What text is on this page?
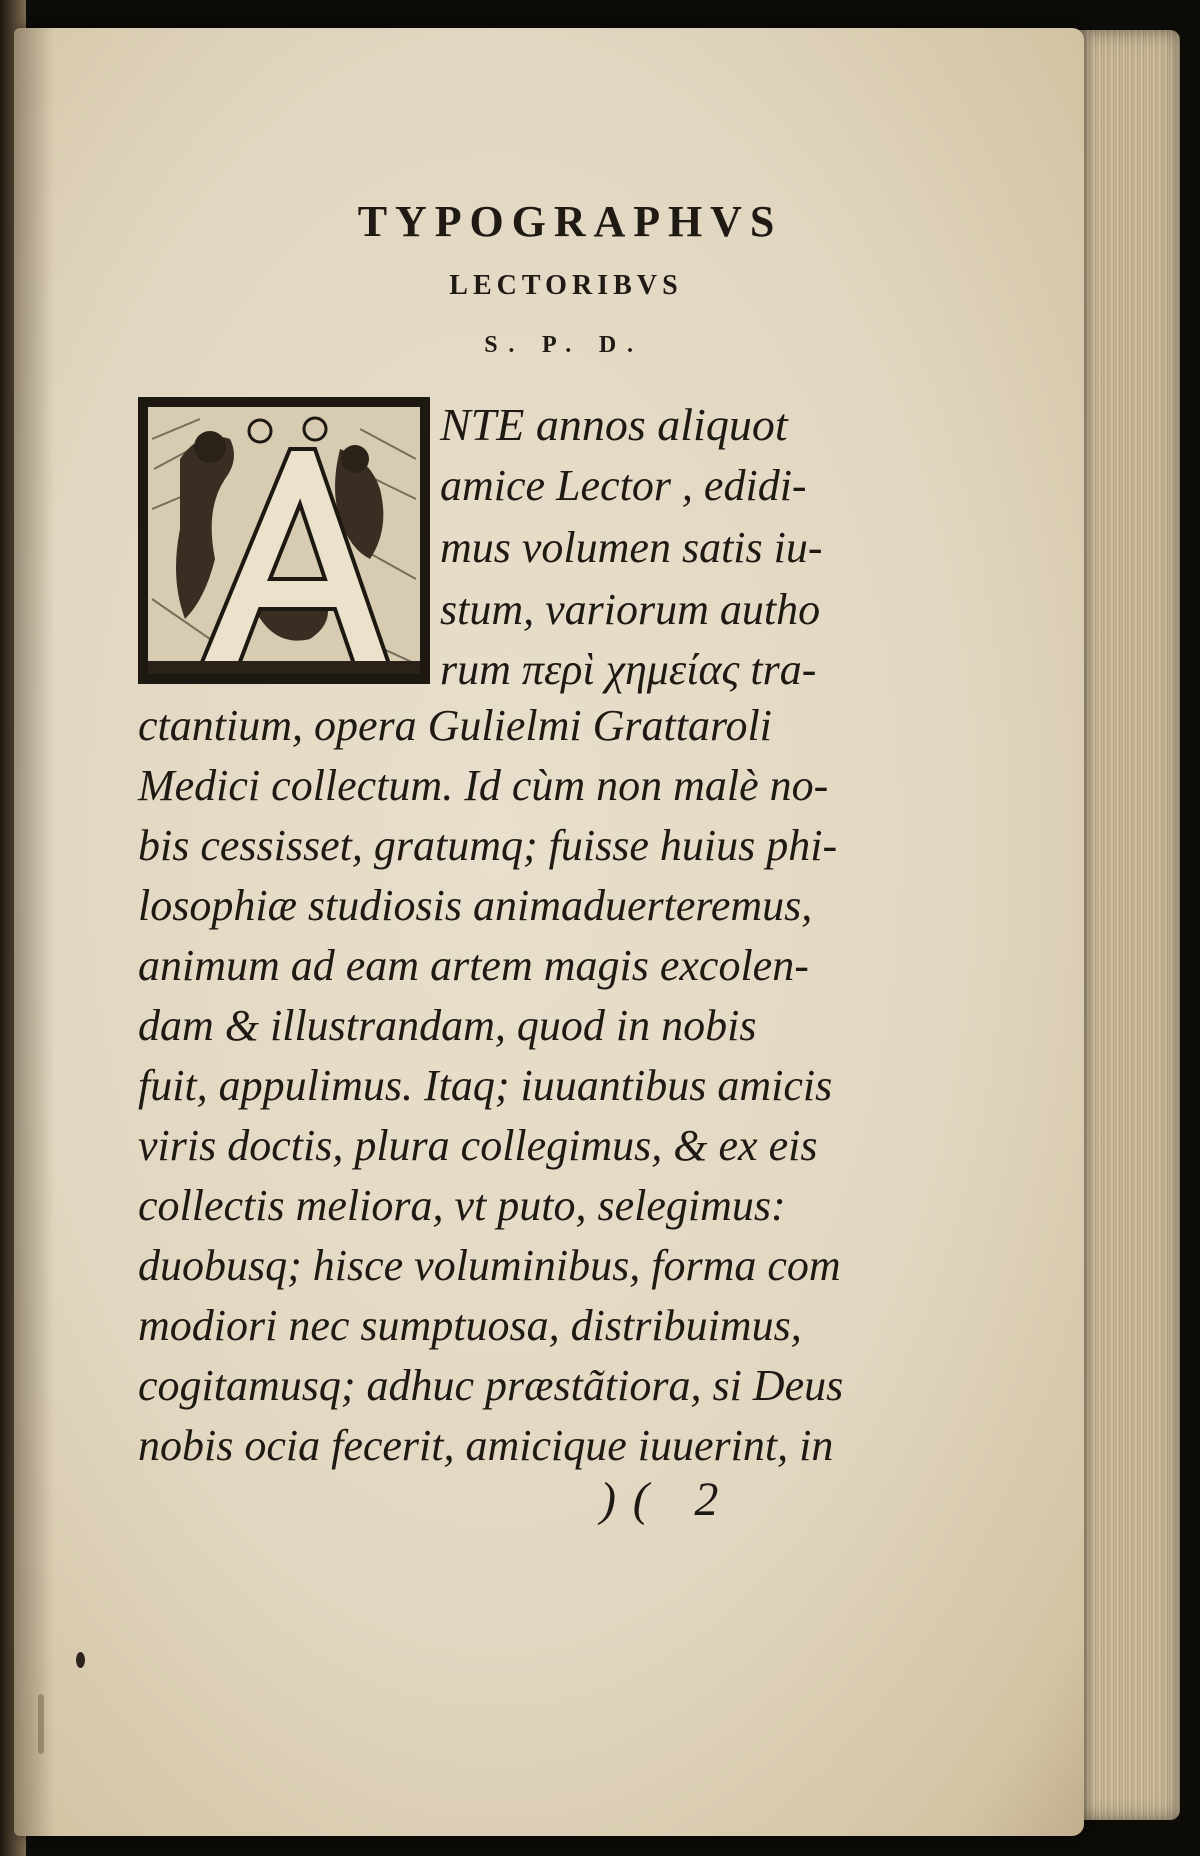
TYPOGRAPHVS
LECTORIBVS
S. P. D.
NTE annos aliquot
amice Lector , edidi-
mus volumen satis iu-
stum, variorum autho
rum περὶ χημείας tra-
ctantium, opera Gulielmi Grattaroli
Medici collectum. Id cùm non malè no-
bis cessisset, gratumq; fuisse huius phi-
losophiæ studiosis animaduerteremus,
animum ad eam artem magis excolen-
dam & illustrandam, quod in nobis
fuit, appulimus. Itaq; iuuantibus amicis
viris doctis, plura collegimus, & ex eis
collectis meliora, vt puto, selegimus:
duobusq; hisce voluminibus, forma com
modiori nec sumptuosa, distribuimus,
cogitamusq; adhuc præstãtiora, si Deus
nobis ocia fecerit, amicique iuuerint, in
)( 2
